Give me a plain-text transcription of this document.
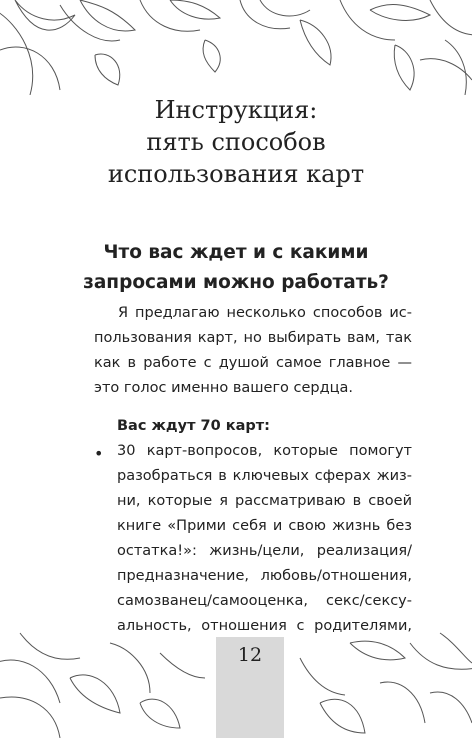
Инструкция:
пять способов
использования карт
Что вас ждет и с какими
запросами можно работать?
Я предлагаю несколько способов ис-
пользования карт, но выбирать вам, так
как в работе с душой самое главное —
это голос именно вашего сердца.
Вас ждут 70 карт:
• 30 карт-вопросов, которые помогут
разобраться в ключевых сферах жиз-
ни, которые я рассматриваю в своей
книге «Прими себя и свою жизнь без
остатка!»: жизнь/цели, реализация/
предназначение, любовь/отношения,
самозванец/самооценка, секс/сексу-
альность, отношения с родителями,
12
